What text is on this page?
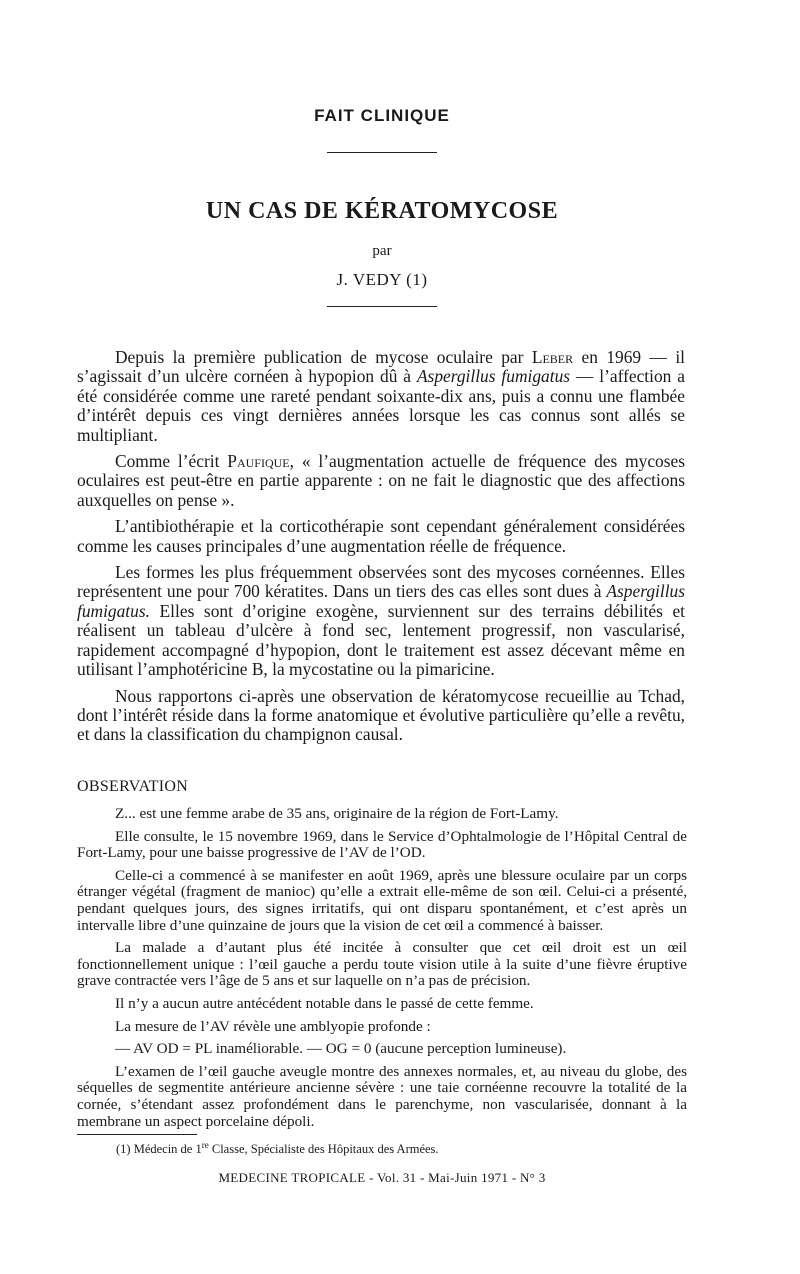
FAIT CLINIQUE
UN CAS DE KÉRATOMYCOSE
par
J. VEDY (1)

Depuis la première publication de mycose oculaire par Leber en 1969 — il s’agissait d’un ulcère cornéen à hypopion dû à Aspergillus fumigatus — l’affection a été considérée comme une rareté pendant soixante-dix ans, puis a connu une flambée d’intérêt depuis ces vingt dernières années lorsque les cas connus sont allés se multipliant.

Comme l’écrit Paufique, « l’augmentation actuelle de fréquence des mycoses oculaires est peut-être en partie apparente : on ne fait le diagnostic que des affections auxquelles on pense ».

L’antibiothérapie et la corticothérapie sont cependant généralement considérées comme les causes principales d’une augmentation réelle de fréquence.

Les formes les plus fréquemment observées sont des mycoses cornéennes. Elles représentent une pour 700 kératites. Dans un tiers des cas elles sont dues à Aspergillus fumigatus. Elles sont d’origine exogène, surviennent sur des terrains débilités et réalisent un tableau d’ulcère à fond sec, lentement progressif, non vascularisé, rapidement accompagné d’hypopion, dont le traitement est assez décevant même en utilisant l’amphotéricine B, la mycostatine ou la pimaricine.

Nous rapportons ci-après une observation de kératomycose recueillie au Tchad, dont l’intérêt réside dans la forme anatomique et évolutive particulière qu’elle a revêtu, et dans la classification du champignon causal.

OBSERVATION

Z... est une femme arabe de 35 ans, originaire de la région de Fort-Lamy.

Elle consulte, le 15 novembre 1969, dans le Service d’Ophtalmologie de l’Hôpital Central de Fort-Lamy, pour une baisse progressive de l’AV de l’OD.

Celle-ci a commencé à se manifester en août 1969, après une blessure oculaire par un corps étranger végétal (fragment de manioc) qu’elle a extrait elle-même de son œil. Celui-ci a présenté, pendant quelques jours, des signes irritatifs, qui ont disparu spontanément, et c’est après un intervalle libre d’une quinzaine de jours que la vision de cet œil a commencé à baisser.

La malade a d’autant plus été incitée à consulter que cet œil droit est un œil fonctionnellement unique : l’œil gauche a perdu toute vision utile à la suite d’une fièvre éruptive grave contractée vers l’âge de 5 ans et sur laquelle on n’a pas de précision.

Il n’y a aucun autre antécédent notable dans le passé de cette femme.

La mesure de l’AV révèle une amblyopie profonde :

— AV OD = PL inaméliorable. — OG = 0 (aucune perception lumineuse).

L’examen de l’œil gauche aveugle montre des annexes normales, et, au niveau du globe, des séquelles de segmentite antérieure ancienne sévère : une taie cornéenne recouvre la totalité de la cornée, s’étendant assez profondément dans le parenchyme, non vascularisée, donnant à la membrane un aspect porcelaine dépoli.

(1) Médecin de 1re Classe, Spécialiste des Hôpitaux des Armées.
MEDECINE TROPICALE - Vol. 31 - Mai-Juin 1971 - N° 3
